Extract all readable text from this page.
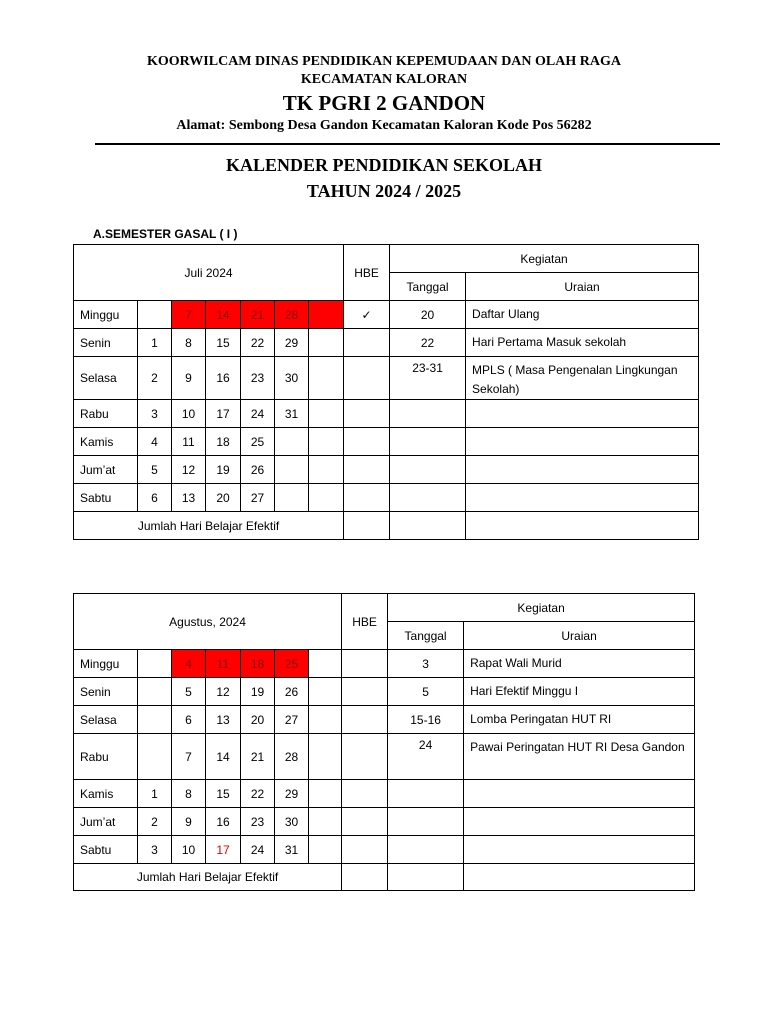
KOORWILCAM DINAS PENDIDIKAN KEPEMUDAAN DAN OLAH RAGA
KECAMATAN KALORAN
TK PGRI 2 GANDON
Alamat: Sembong Desa Gandon Kecamatan Kaloran Kode Pos 56282
KALENDER PENDIDIKAN SEKOLAH
TAHUN 2024 / 2025
A.SEMESTER GASAL ( I )
Juli 2024							HBE	Kegiatan	
								Tanggal	Uraian
Minggu		7	14	21	28		✓	20	Daftar Ulang

Senin	1	8	15	22	29			22	Hari Pertama Masuk sekolah

Selasa	2	9	16	23	30			23-31	MPLS ( Masa Pengenalan Lingkungan Sekolah)

Rabu	3	10	17	24	31				

Kamis	4	11	18	25					

Jum’at	5	12	19	26					

Sabtu	6	13	20	27					

Jumlah Hari Belajar Efektif									
Agustus, 2024							HBE	Kegiatan	
								Tanggal	Uraian
Minggu		4	11	18	25			3	Rapat Wali Murid

Senin		5	12	19	26			5	Hari Efektif Minggu I

Selasa		6	13	20	27			15-16	Lomba Peringatan HUT RI

Rabu		7	14	21	28			24	Pawai Peringatan HUT RI Desa Gandon

Kamis	1	8	15	22	29				

Jum’at	2	9	16	23	30				

Sabtu	3	10	17	24	31				

Jumlah Hari Belajar Efektif									
